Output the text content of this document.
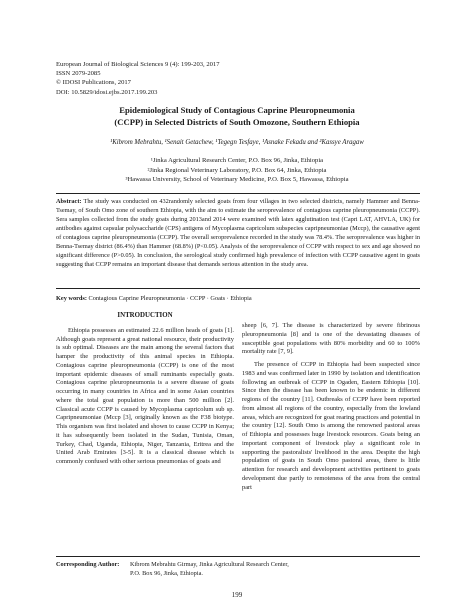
European Journal of Biological Sciences 9 (4): 199-203, 2017
ISSN 2079-2085
© IDOSI Publications, 2017
DOI: 10.5829/idosi.ejbs.2017.199.203
Epidemiological Study of Contagious Caprine Pleuropneumonia
(CCPP) in Selected Districts of South Omozone, Southern Ethiopia
¹Kibrom Mebrahtu, ¹Senait Getachew, ¹Tegegn Tesfaye, ¹Asnake Fekadu and ²Kassye Aragaw
¹Jinka Agricultural Research Center, P.O. Box 96, Jinka, Ethiopia
²Jinka Regional Veterinary Laboratory, P.O. Box 64, Jinka, Ethiopia
³Hawassa University, School of Veterinary Medicine, P.O. Box 5, Hawassa, Ethiopia
Abstract: The study was conducted on 432randomly selected goats from four villages in two selected districts, namely Hammer and Benna-Tsemay, of South Omo zone of southern Ethiopia, with the aim to estimate the seroprevalence of contagious caprine pleuropneumonia (CCPP). Sera samples collected from the study goats during 2013and 2014 were examined with latex agglutination test (Capri LAT, AHVLA, UK) for antibodies against capsular polysaccharide (CPS) antigens of Mycoplasma capricolum subspecies capripneumoniae (Mccp), the causative agent of contagious caprine pleuropneumonia (CCPP). The overall seroprevalence recorded in the study was 78.4%. The seroprevalence was higher in Benna-Tsemay district (86.4%) than Hammer (68.8%) (P<0.05). Analysis of the seroprevalence of CCPP with respect to sex and age showed no significant difference (P>0.05). In conclusion, the serological study confirmed high prevalence of infection with CCPP causative agent in goats suggesting that CCPP remains an important disease that demands serious attention in the study area.
Key words: Contagious Caprine Pleuropneumonia · CCPP · Goats · Ethiopia
INTRODUCTION

Ethiopia possesses an estimated 22.6 million heads of goats [1]. Although goats represent a great national resource, their productivity is sub optimal. Diseases are the main among the several factors that hamper the productivity of this animal species in Ethiopia. Contagious caprine pleuropneumonia (CCPP) is one of the most important epidemic diseases of small ruminants especially goats. Contagious caprine pleuropneumonia is a severe disease of goats occurring in many countries in Africa and in some Asian countries where the total goat population is more than 500 million [2]. Classical acute CCPP is caused by Mycoplasma capricolum sub sp. Capripneumoniae (Mccp [3], originally known as the F38 biotype. This organism was first isolated and shown to cause CCPP in Kenya; it has subsequently been isolated in the Sudan, Tunisia, Oman, Turkey, Chad, Uganda, Ethiopia, Niger, Tanzania, Eritrea and the United Arab Emirates [3-5]. It is a classical disease which is commonly confused with other serious pneumonias of goats and

sheep [6, 7]. The disease is characterized by severe fibrinous pleuropneumonia [8] and is one of the devastating diseases of susceptible goat populations with 80% morbidity and 60 to 100% mortality rate [7, 9].

The presence of CCPP in Ethiopia had been suspected since 1983 and was confirmed later in 1990 by isolation and identification following an outbreak of CCPP in Ogaden, Eastern Ethiopia [10]. Since then the disease has been known to be endemic in different regions of the country [11]. Outbreaks of CCPP have been reported from almost all regions of the country, especially from the lowland areas, which are recognized for goat rearing practices and potential in the country [12]. South Omo is among the renowned pastoral areas of Ethiopia and possesses huge livestock resources. Goats being an important component of livestock play a significant role in supporting the pastoralists' livelihood in the area. Despite the high population of goats in South Omo pastoral areas, there is little attention for research and development activities pertinent to goats development due partly to remoteness of the area from the central part

Corresponding Author: Kibrom Mebrahtu Girmay, Jinka Agricultural Research Center,
P.O. Box 96, Jinka, Ethiopia.
199
